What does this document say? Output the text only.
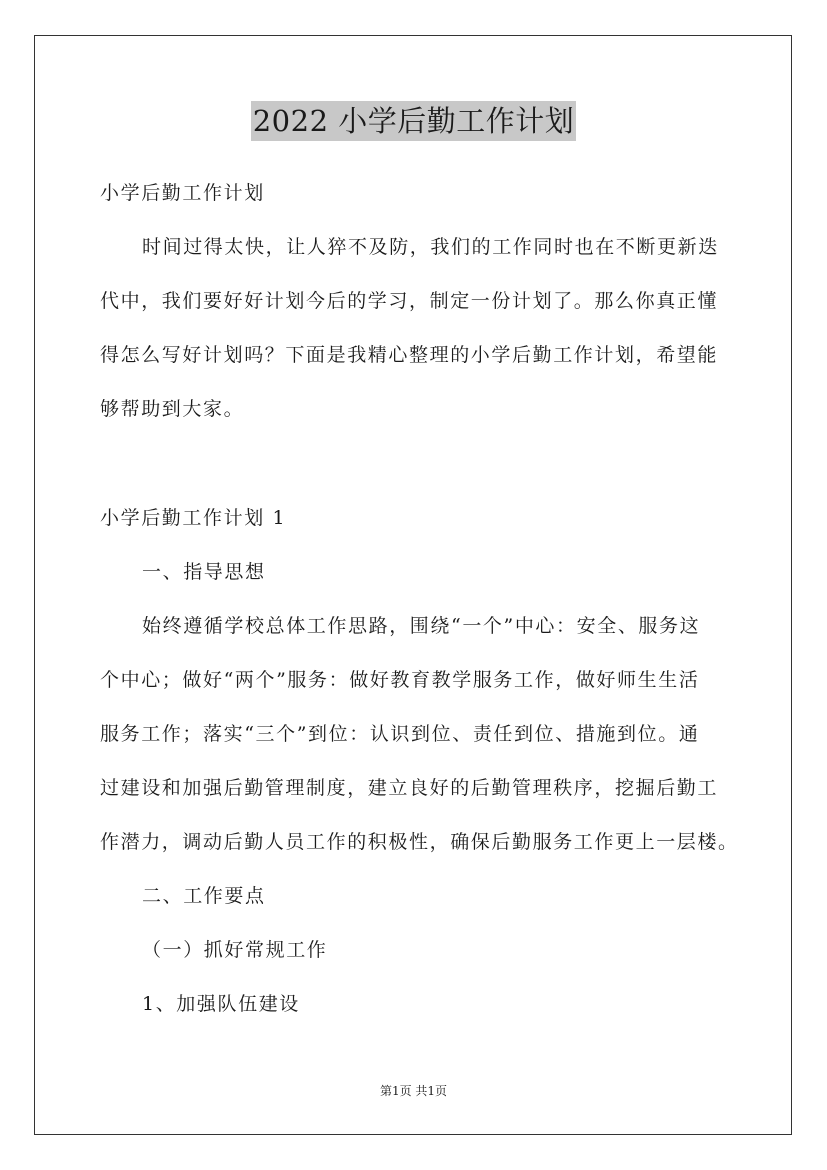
2022 小学后勤工作计划
小学后勤工作计划
时间过得太快，让人猝不及防，我们的工作同时也在不断更新迭
代中，我们要好好计划今后的学习，制定一份计划了。那么你真正懂
得怎么写好计划吗？下面是我精心整理的小学后勤工作计划，希望能
够帮助到大家。
小学后勤工作计划 1
一、指导思想
始终遵循学校总体工作思路，围绕“一个”中心：安全、服务这
个中心；做好“两个”服务：做好教育教学服务工作，做好师生生活
服务工作；落实“三个”到位：认识到位、责任到位、措施到位。通
过建设和加强后勤管理制度，建立良好的后勤管理秩序，挖掘后勤工
作潜力，调动后勤人员工作的积极性，确保后勤服务工作更上一层楼。
二、工作要点
（一）抓好常规工作
1、加强队伍建设
第1页 共1页
